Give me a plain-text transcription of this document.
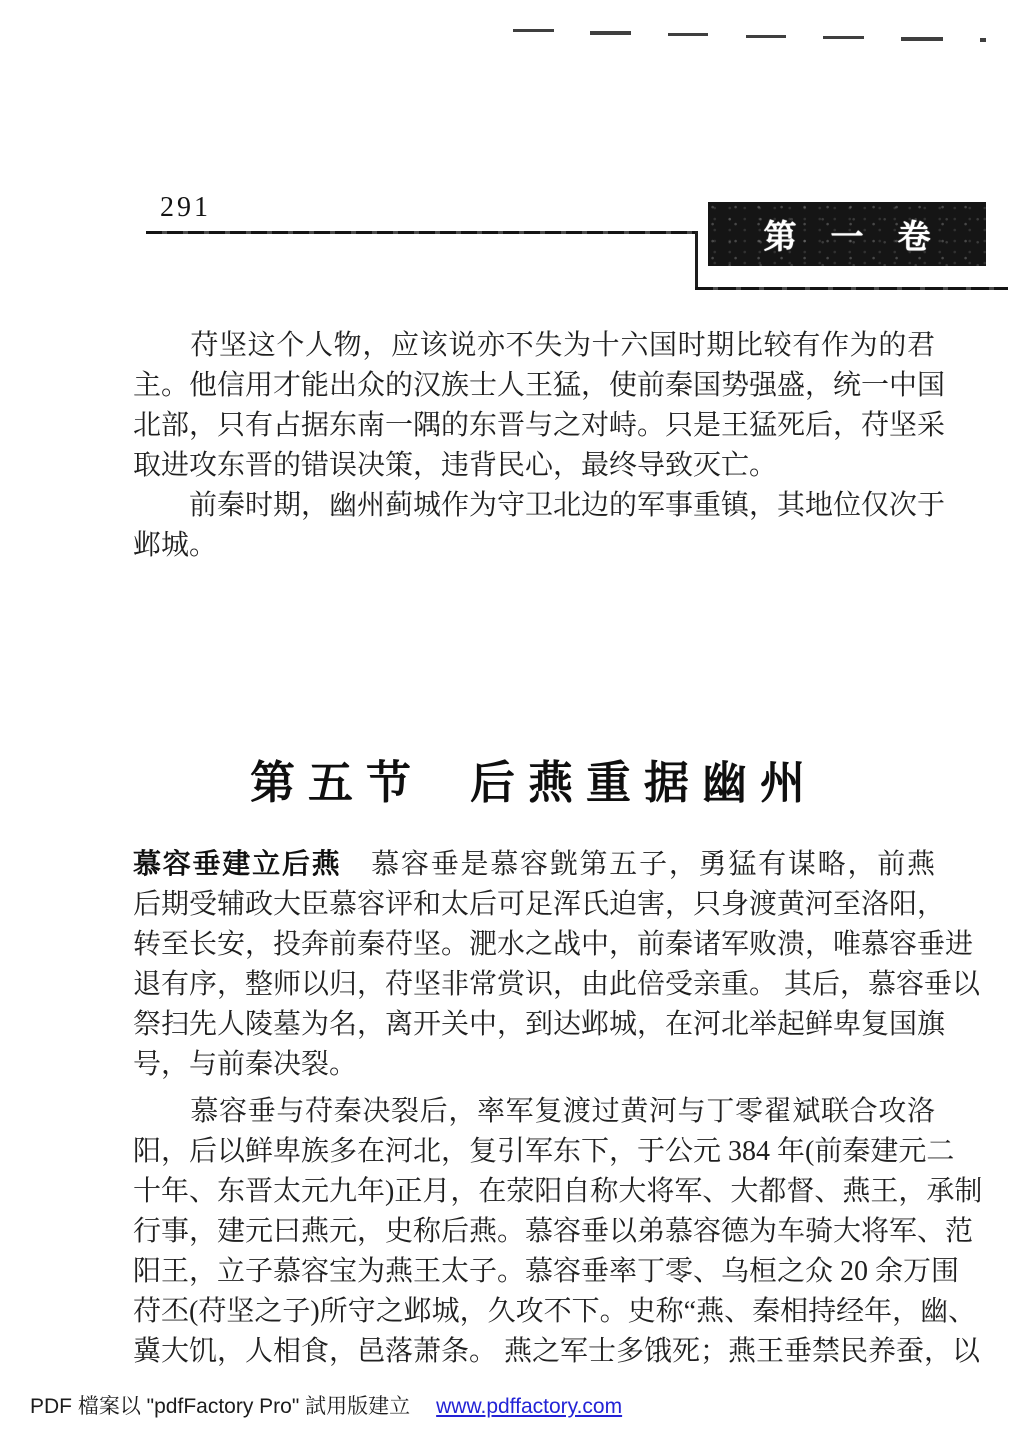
291
第一卷
　　苻坚这个人物，应该说亦不失为十六国时期比较有作为的君
主。他信用才能出众的汉族士人王猛，使前秦国势强盛，统一中国
北部，只有占据东南一隅的东晋与之对峙。只是王猛死后，苻坚采
取进攻东晋的错误决策，违背民心，最终导致灭亡。
　　前秦时期，幽州蓟城作为守卫北边的军事重镇，其地位仅次于
邺城。
第五节 后燕重据幽州
慕容垂建立后燕　慕容垂是慕容皝第五子，勇猛有谋略，前燕
后期受辅政大臣慕容评和太后可足浑氏迫害，只身渡黄河至洛阳，
转至长安，投奔前秦苻坚。淝水之战中，前秦诸军败溃，唯慕容垂进
退有序，整师以归，苻坚非常赏识，由此倍受亲重。 其后，慕容垂以
祭扫先人陵墓为名，离开关中，到达邺城，在河北举起鲜卑复国旗
号，与前秦决裂。
　　慕容垂与苻秦决裂后，率军复渡过黄河与丁零翟斌联合攻洛
阳，后以鲜卑族多在河北，复引军东下，于公元 384 年(前秦建元二
十年、东晋太元九年)正月，在荥阳自称大将军、大都督、燕王，承制
行事，建元曰燕元，史称后燕。慕容垂以弟慕容德为车骑大将军、范
阳王，立子慕容宝为燕王太子。慕容垂率丁零、乌桓之众 20 余万围
苻丕(苻坚之子)所守之邺城，久攻不下。史称“燕、秦相持经年，幽、
冀大饥，人相食，邑落萧条。 燕之军士多饿死；燕王垂禁民养蚕，以
PDF 檔案以 "pdfFactory Pro" 試用版建立 www.pdffactory.com
